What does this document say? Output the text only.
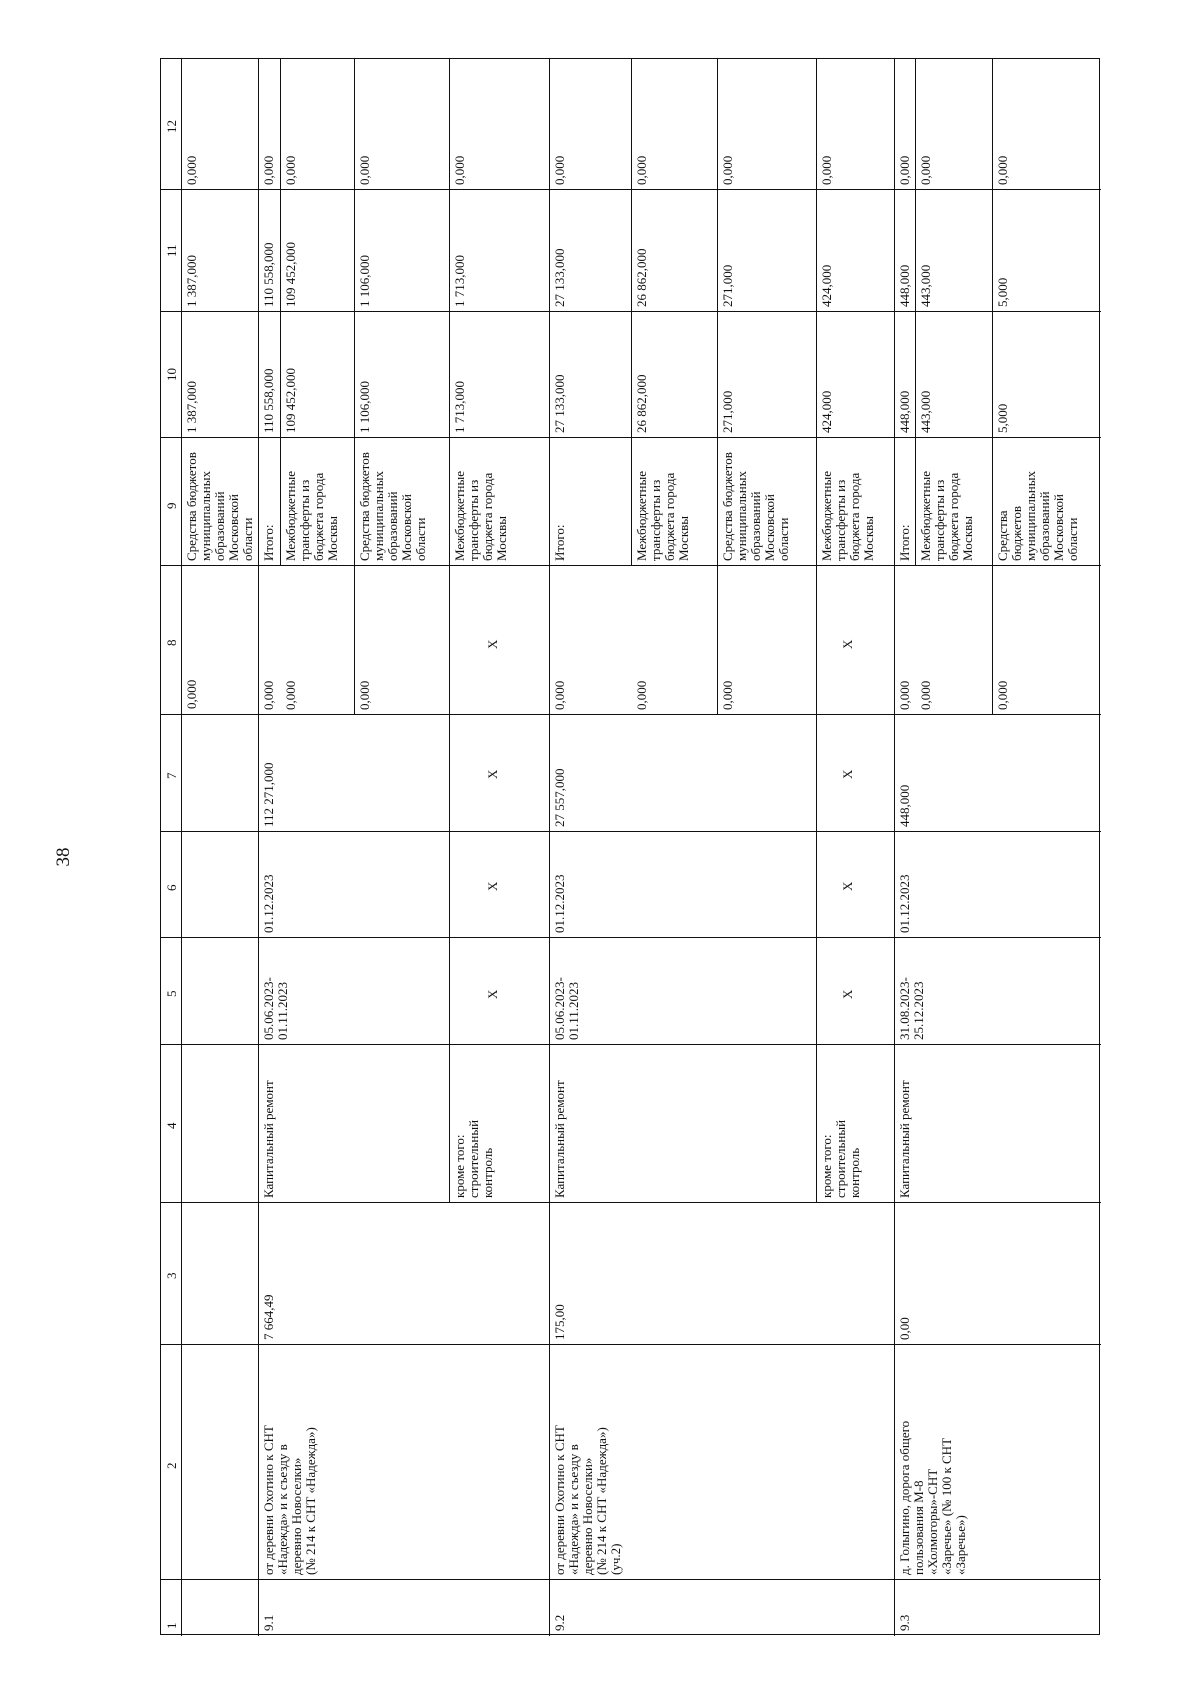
38
1
2
3
4
5
6
7
8
9
10
11
12
0,000
Средства бюджетов
муниципальных
образований
Московской
области
1 387,000
1 387,000
0,000
9.1
от деревни Охотино к СНТ
«Надежда» и к съезду в
деревню Новоселки»
(№ 214 к СНТ «Надежда»)
7 664,49
Капитальный ремонт
05.06.2023-
01.11.2023
01.12.2023
112 271,000
0,000
Итого:
110 558,000
110 558,000
0,000
0,000
Межбюджетные
трансферты из
бюджета города
Москвы
109 452,000
109 452,000
0,000
0,000
Средства бюджетов
муниципальных
образований
Московской
области
1 106,000
1 106,000
0,000
кроме того:
строительный
контроль
X
X
X
X
Межбюджетные
трансферты из
бюджета города
Москвы
1 713,000
1 713,000
0,000
9.2
от деревни Охотино к СНТ
«Надежда» и к съезду в
деревню Новоселки»
(№ 214 к СНТ «Надежда»)
(уч.2)
175,00
Капитальный ремонт
05.06.2023-
01.11.2023
01.12.2023
27 557,000
0,000
Итого:
27 133,000
27 133,000
0,000
0,000
Межбюджетные
трансферты из
бюджета города
Москвы
26 862,000
26 862,000
0,000
0,000
Средства бюджетов
муниципальных
образований
Московской
области
271,000
271,000
0,000
кроме того:
строительный
контроль
X
X
X
X
Межбюджетные
трансферты из
бюджета города
Москвы
424,000
424,000
0,000
9.3
д. Голыгино, дорога общего
пользования М-8
«Холмогоры»-СНТ
«Заречье» (№ 100 к СНТ
«Заречье»)
0,00
Капитальный ремонт
31.08.2023-
25.12.2023
01.12.2023
448,000
0,000
Итого:
448,000
448,000
0,000
0,000
Межбюджетные
трансферты из
бюджета города
Москвы
443,000
443,000
0,000
0,000
Средства бюджетов
муниципальных
образований
Московской
области
5,000
5,000
0,000
